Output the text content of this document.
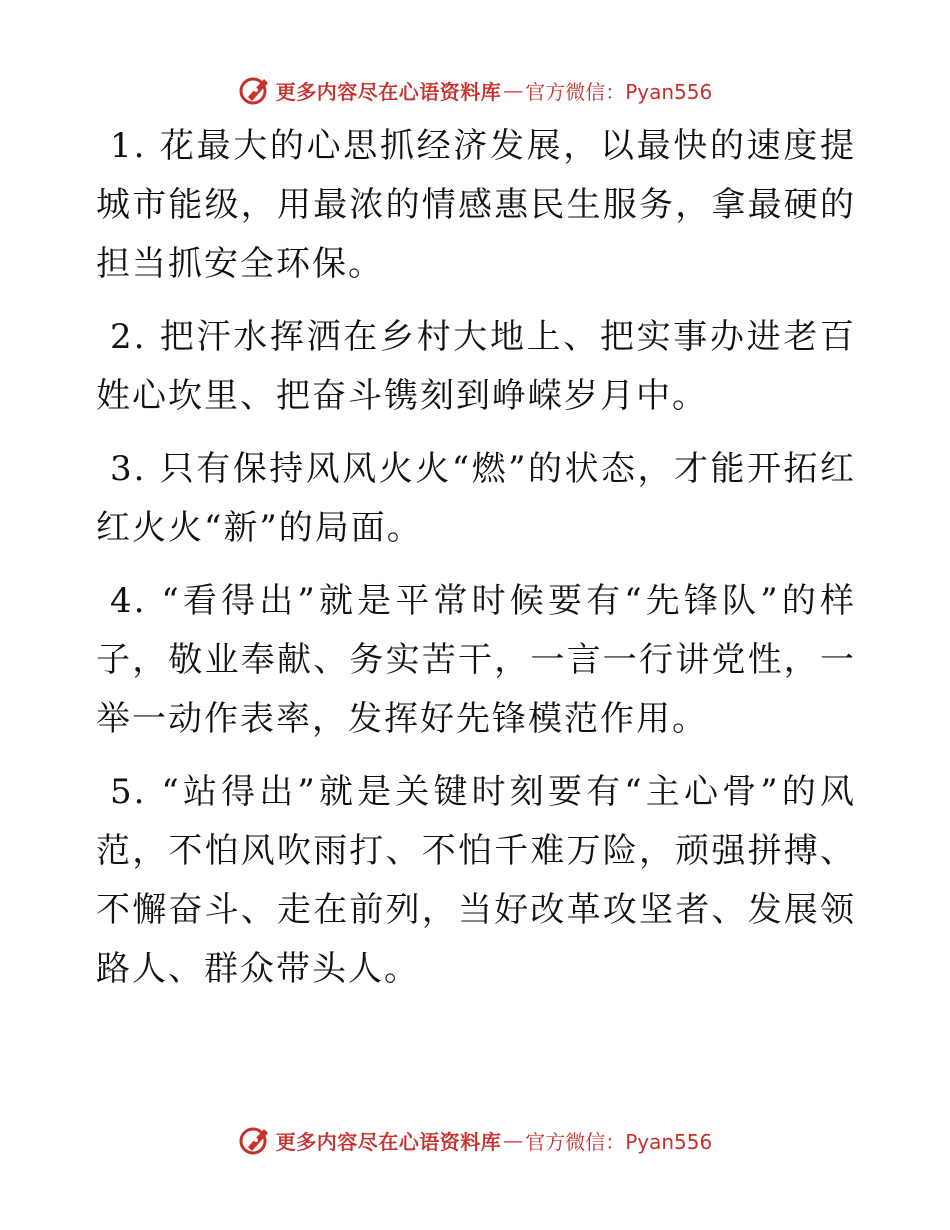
更多内容尽在心语资料库 — 官方微信：Pyan556

1. 花最大的心思抓经济发展，以最快的速度提城市能级，用最浓的情感惠民生服务，拿最硬的担当抓安全环保。

2. 把汗水挥洒在乡村大地上、把实事办进老百姓心坎里、把奋斗镌刻到峥嵘岁月中。

3. 只有保持风风火火“燃”的状态，才能开拓红红火火“新”的局面。

4. “看得出”就是平常时候要有“先锋队”的样子，敬业奉献、务实苦干，一言一行讲党性，一举一动作表率，发挥好先锋模范作用。

5. “站得出”就是关键时刻要有“主心骨”的风范，不怕风吹雨打、不怕千难万险，顽强拼搏、不懈奋斗、走在前列，当好改革攻坚者、发展领路人、群众带头人。

更多内容尽在心语资料库 — 官方微信：Pyan556
